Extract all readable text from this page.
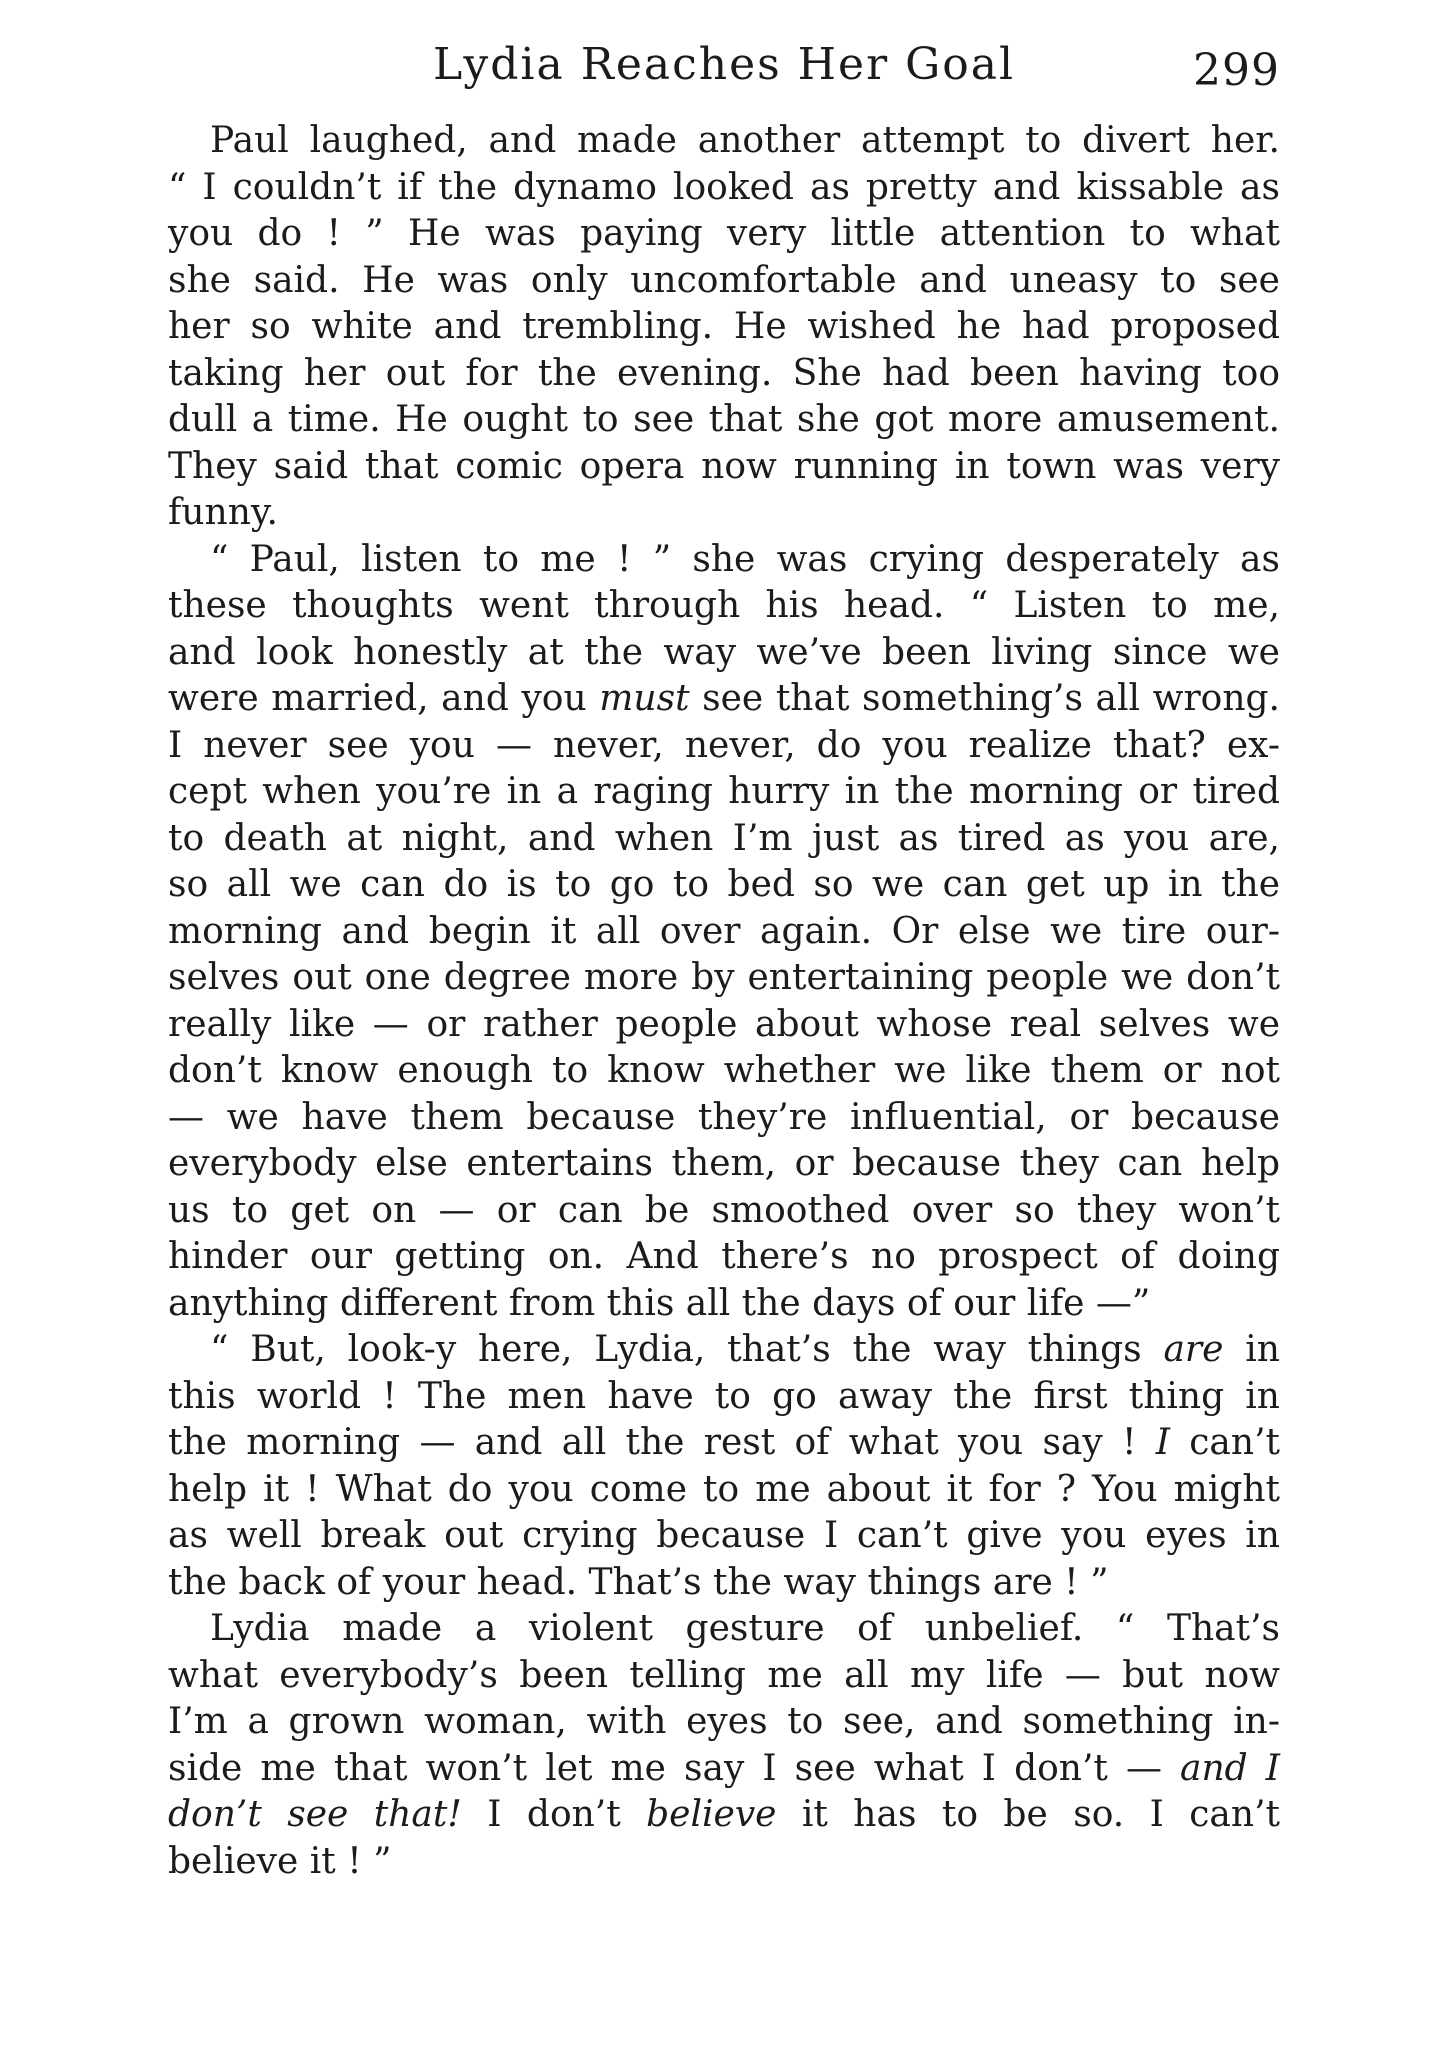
Lydia Reaches Her Goal	299
Paul laughed, and made another attempt to divert her.
“ I couldn’t if the dynamo looked as pretty and kissable as
you do ! ” He was paying very little attention to what
she said. He was only uncomfortable and uneasy to see
her so white and trembling. He wished he had proposed
taking her out for the evening. She had been having too
dull a time. He ought to see that she got more amusement.
They said that comic opera now running in town was very
funny.
“ Paul, listen to me ! ” she was crying desperately as
these thoughts went through his head. “ Listen to me,
and look honestly at the way we’ve been living since we
were married, and you must see that something’s all wrong.
I never see you — never, never, do you realize that? ex-
cept when you’re in a raging hurry in the morning or tired
to death at night, and when I’m just as tired as you are,
so all we can do is to go to bed so we can get up in the
morning and begin it all over again. Or else we tire our-
selves out one degree more by entertaining people we don’t
really like — or rather people about whose real selves we
don’t know enough to know whether we like them or not
— we have them because they’re influential, or because
everybody else entertains them, or because they can help
us to get on — or can be smoothed over so they won’t
hinder our getting on. And there’s no prospect of doing
anything different from this all the days of our life —”
“ But, look-y here, Lydia, that’s the way things are in
this world ! The men have to go away the first thing in
the morning — and all the rest of what you say ! I can’t
help it ! What do you come to me about it for ? You might
as well break out crying because I can’t give you eyes in
the back of your head. That’s the way things are ! ”
Lydia made a violent gesture of unbelief. “ That’s
what everybody’s been telling me all my life — but now
I’m a grown woman, with eyes to see, and something in-
side me that won’t let me say I see what I don’t — and I
don’t see that! I don’t believe it has to be so. I can’t
believe it ! ”
